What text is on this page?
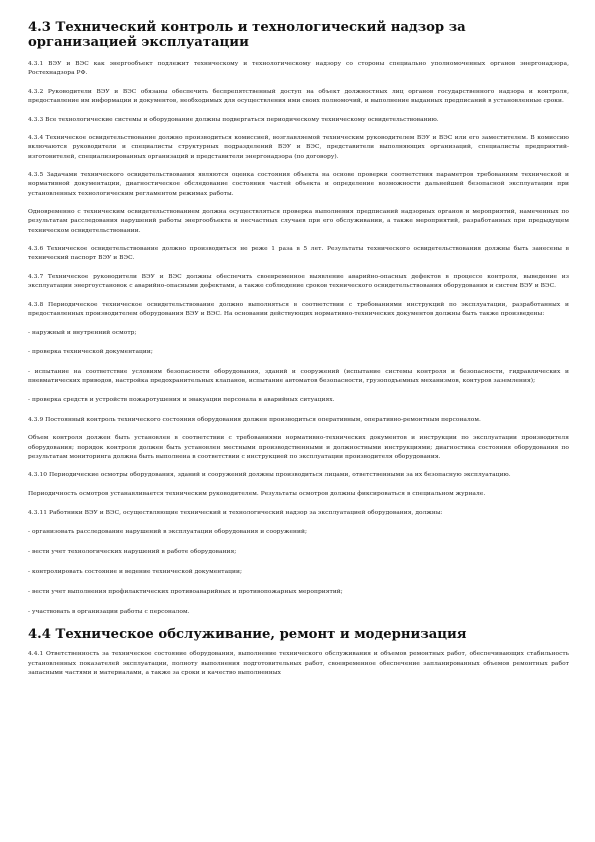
4.3 Технический контроль и технологический надзор за организацией эксплуатации

4.3.1 ВЭУ и ВЭС как энергообъект подлежит техническому и технологическому надзору со стороны специально уполномоченных органов энергонадзора, Ростехнадзора РФ.

4.3.2 Руководители ВЭУ и ВЭС обязаны обеспечить беспрепятственный доступ на объект должностных лиц органов государственного надзора и контроля, предоставление им информации и документов, необходимых для осуществления ими своих полномочий, и выполнение выданных предписаний в установленные сроки.

4.3.3 Все технологические системы и оборудование должны подвергаться периодическому техническому освидетельствованию.

4.3.4 Техническое освидетельствование должно производиться комиссией, возглавляемой техническим руководителем ВЭУ и ВЭС или его заместителем. В комиссию включаются руководители и специалисты структурных подразделений ВЭУ и ВЭС, представители выполняющих организаций, специалисты предприятий-изготовителей, специализированных организаций и представители энергонадзора (по договору).

4.3.5 Задачами технического освидетельствования являются оценка состояния объекта на основе проверки соответствия параметров требованиям технической и нормативной документации, диагностическое обследование состояния частей объекта и определение возможности дальнейшей безопасной эксплуатации при установленных технологическим регламентом режимах работы.

Одновременно с техническим освидетельствованием должна осуществляться проверка выполнения предписаний надзорных органов и мероприятий, намеченных по результатам расследования нарушений работы энергообъекта и несчастных случаев при его обслуживании, а также мероприятий, разработанных при предыдущем техническом освидетельствовании.

4.3.6 Техническое освидетельствование должно производиться не реже 1 раза в 5 лет. Результаты технического освидетельствования должны быть занесены в технический паспорт ВЭУ и ВЭС.

4.3.7 Техническое руководители ВЭУ и ВЭС должны обеспечить своевременное выявление аварийно-опасных дефектов в процессе контроля, выведение из эксплуатации энергоустановок с аварийно-опасными дефектами, а также соблюдение сроков технического освидетельствования оборудования и систем ВЭУ и ВЭС.

4.3.8 Периодическое техническое освидетельствование должно выполняться в соответствии с требованиями инструкций по эксплуатации, разработанных и предоставленных производителем оборудования ВЭУ и ВЭС. На основании действующих нормативно-технических документов должны быть также произведены:

- наружный и внутренний осмотр;

- проверка технической документации;

- испытание на соответствие условиям безопасности оборудования, зданий и сооружений (испытание системы контроля и безопасности, гидравлических и пневматических приводов, настройка предохранительных клапанов, испытание автоматов безопасности, грузоподъемных механизмов, контуров заземления);

- проверка средств и устройств пожаротушения и эвакуации персонала в аварийных ситуациях.

4.3.9 Постоянный контроль технического состояния оборудования должен производиться оперативным, оперативно-ремонтным персоналом.

Объем контроля должен быть установлен в соответствии с требованиями нормативно-технических документов и инструкции по эксплуатации производителя оборудования; порядок контроля должен быть установлен местными производственными и должностными инструкциями; диагностика состояния оборудования по результатам мониторинга должна быть выполнена в соответствии с инструкцией по эксплуатации производителя оборудования.

4.3.10 Периодические осмотры оборудования, зданий и сооружений должны производиться лицами, ответственными за их безопасную эксплуатацию.

Периодичность осмотров устанавливается техническим руководителем. Результаты осмотров должны фиксироваться в специальном журнале.

4.3.11 Работники ВЭУ и ВЭС, осуществляющие технический и технологический надзор за эксплуатацией оборудования, должны:

- организовать расследование нарушений в эксплуатации оборудования и сооружений;

- вести учет технологических нарушений в работе оборудования;

- контролировать состояние и ведение технической документации;

- вести учет выполнения профилактических противоаварийных и противопожарных мероприятий;

- участвовать в организации работы с персоналом.

4.4 Техническое обслуживание, ремонт и модернизация

4.4.1 Ответственность за техническое состояние оборудования, выполнение технического обслуживания и объемов ремонтных работ, обеспечивающих стабильность установленных показателей эксплуатации, полноту выполнения подготовительных работ, своевременное обеспечение запланированных объемов ремонтных работ запасными частями и материалами, а также за сроки и качество выполненных
